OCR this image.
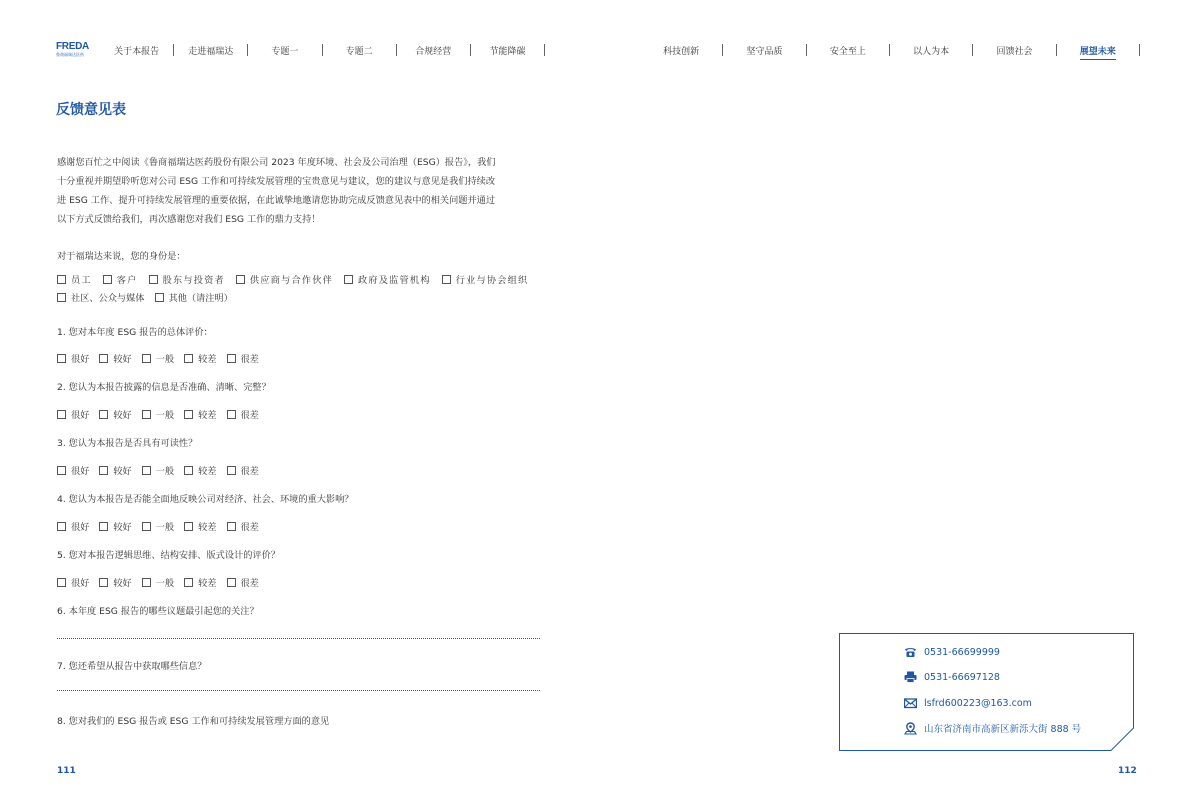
FREDA
鲁商福瑞达医药	关于本报告	走进福瑞达	专题一	专题二	合规经营	节能降碳	科技创新	坚守品质	安全至上	以人为本	回馈社会	展望未来
反馈意见表
感谢您百忙之中阅读《鲁商福瑞达医药股份有限公司 2023 年度环境、社会及公司治理（ESG）报告》，我们
十分重视并期望聆听您对公司 ESG 工作和可持续发展管理的宝贵意见与建议，您的建议与意见是我们持续改
进 ESG 工作、提升可持续发展管理的重要依据，在此诚挚地邀请您协助完成反馈意见表中的相关问题并通过
以下方式反馈给我们，再次感谢您对我们 ESG 工作的鼎力支持！
对于福瑞达来说，您的身份是：
员工	客户	股东与投资者	供应商与合作伙伴	政府及监管机构	行业与协会组织
社区、公众与媒体	其他（请注明）
1. 您对本年度 ESG 报告的总体评价：
很好	较好	一般	较差	很差
2. 您认为本报告披露的信息是否准确、清晰、完整？
很好	较好	一般	较差	很差
3. 您认为本报告是否具有可读性？
很好	较好	一般	较差	很差
4. 您认为本报告是否能全面地反映公司对经济、社会、环境的重大影响？
很好	较好	一般	较差	很差
5. 您对本报告逻辑思维、结构安排、版式设计的评价？
很好	较好	一般	较差	很差
6. 本年度 ESG 报告的哪些议题最引起您的关注？
7. 您还希望从报告中获取哪些信息？
8. 您对我们的 ESG 报告或 ESG 工作和可持续发展管理方面的意见
0531-66699999
0531-66697128
lsfrd600223@163.com
山东省济南市高新区新泺大街 888 号
111	112
